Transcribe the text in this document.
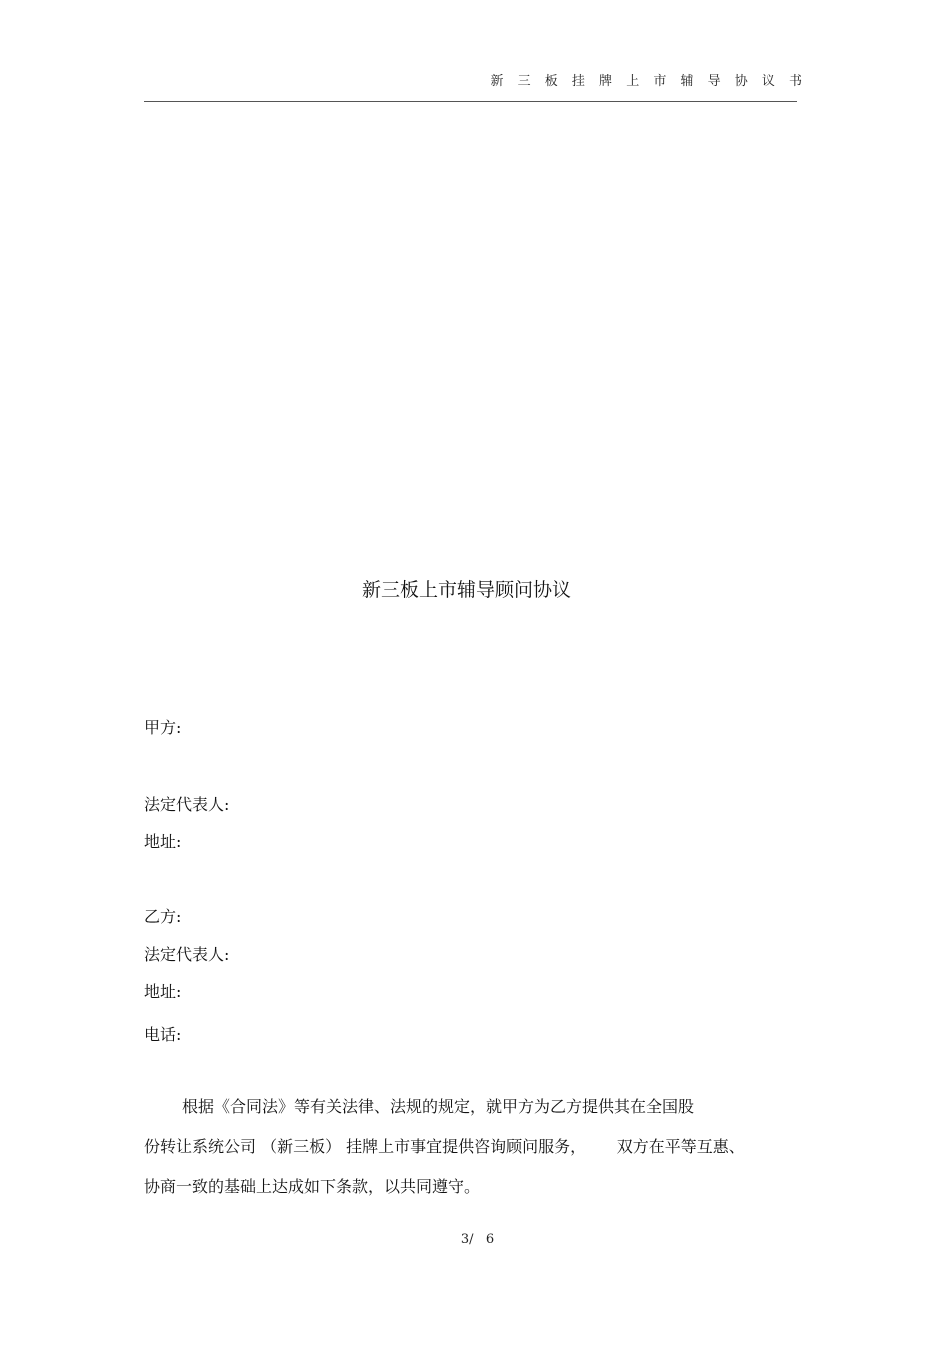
新 三 板 挂 牌 上 市 辅 导 协 议 书
新三板上市辅导顾问协议
甲方:
法定代表人:
地址:
乙方:
法定代表人:
地址:
电话:
根据《合同法》等有关法律、法规的规定，就甲方为乙方提供其在全国股
份转让系统公司 （新三板） 挂牌上市事宜提供咨询顾问服务，      双方在平等互惠、
协商一致的基础上达成如下条款，以共同遵守。
3/   6
